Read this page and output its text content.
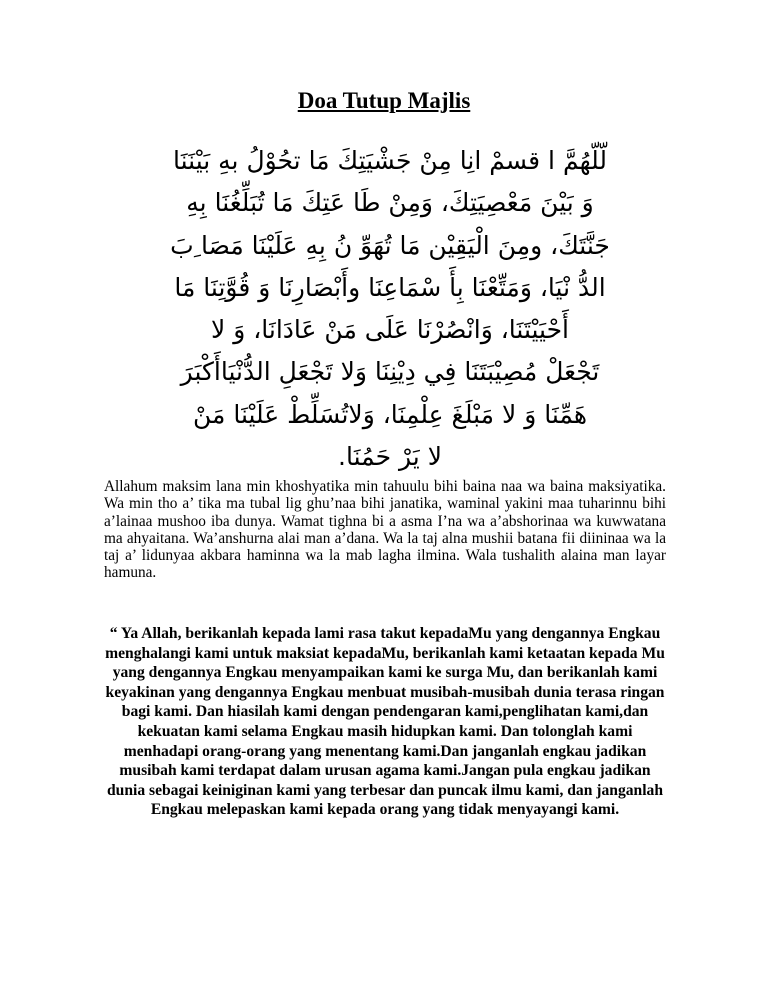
Doa Tutup Majlis
لّلّهُمَّ ا قسمْ انِا مِنْ جَشْيَتِكَ مَا تحُوْلُ بهِ بَيْنَنَا
وَ بَيْنَ مَعْصِيَتِكَ، وَمِنْ طَا عَتِكَ مَا تُبَلِّغُنَا بِهِ
جَنَّتَكَ، ومِنَ الْيَقِيْن مَا تُهَوِّ نُ بِهِ عَلَيْنَا مَصَا ِبَ
الدُّ نْيَا، وَمَتِّعْنَا بِأَ سْمَاعِنَا وأَبْصَارِنَا وَ قُوَّتِنَا مَا
أَحْيَيْتَنَا، وَانْصُرْنَا عَلَى مَنْ عَادَانَا، وَ لا
تَجْعَلْ مُصِيْبَتَنَا فِي دِيْنِنَا وَلا تَجْعَلِ الدُّنْيَاأَكْبَرَ
هَمِّنَا وَ لا مَبْلَغَ عِلْمِنَا، وَلاتُسَلِّطْ عَلَيْنَا مَنْ
لا يَرْ حَمُنَا.

Allahum maksim lana min khoshyatika min tahuulu bihi baina naa wa baina maksiyatika. Wa min tho a’ tika ma tubal lig ghu’naa bihi janatika, waminal yakini maa tuharinnu bihi a’lainaa mushoo iba dunya. Wamat tighna bi a asma I’na wa a’abshorinaa wa kuwwatana ma ahyaitana. Wa’anshurna alai man a’dana. Wa la taj alna mushii batana fii diininaa wa la taj a’ lidunyaa akbara haminna wa la mab lagha ilmina. Wala tushalith alaina man layar hamuna.

“ Ya Allah, berikanlah kepada lami rasa takut kepadaMu yang dengannya Engkau menghalangi kami untuk maksiat kepadaMu, berikanlah kami ketaatan kepada Mu yang dengannya Engkau menyampaikan kami ke surga Mu, dan berikanlah kami keyakinan yang dengannya Engkau menbuat musibah-musibah dunia terasa ringan bagi kami. Dan hiasilah kami dengan pendengaran kami,penglihatan kami,dan kekuatan kami selama Engkau masih hidupkan kami. Dan tolonglah kami menhadapi orang-orang yang menentang kami.Dan janganlah engkau jadikan musibah kami terdapat dalam urusan agama kami.Jangan pula engkau jadikan dunia sebagai keiniginan kami yang terbesar dan puncak ilmu kami, dan janganlah Engkau melepaskan kami kepada orang yang tidak menyayangi kami.
